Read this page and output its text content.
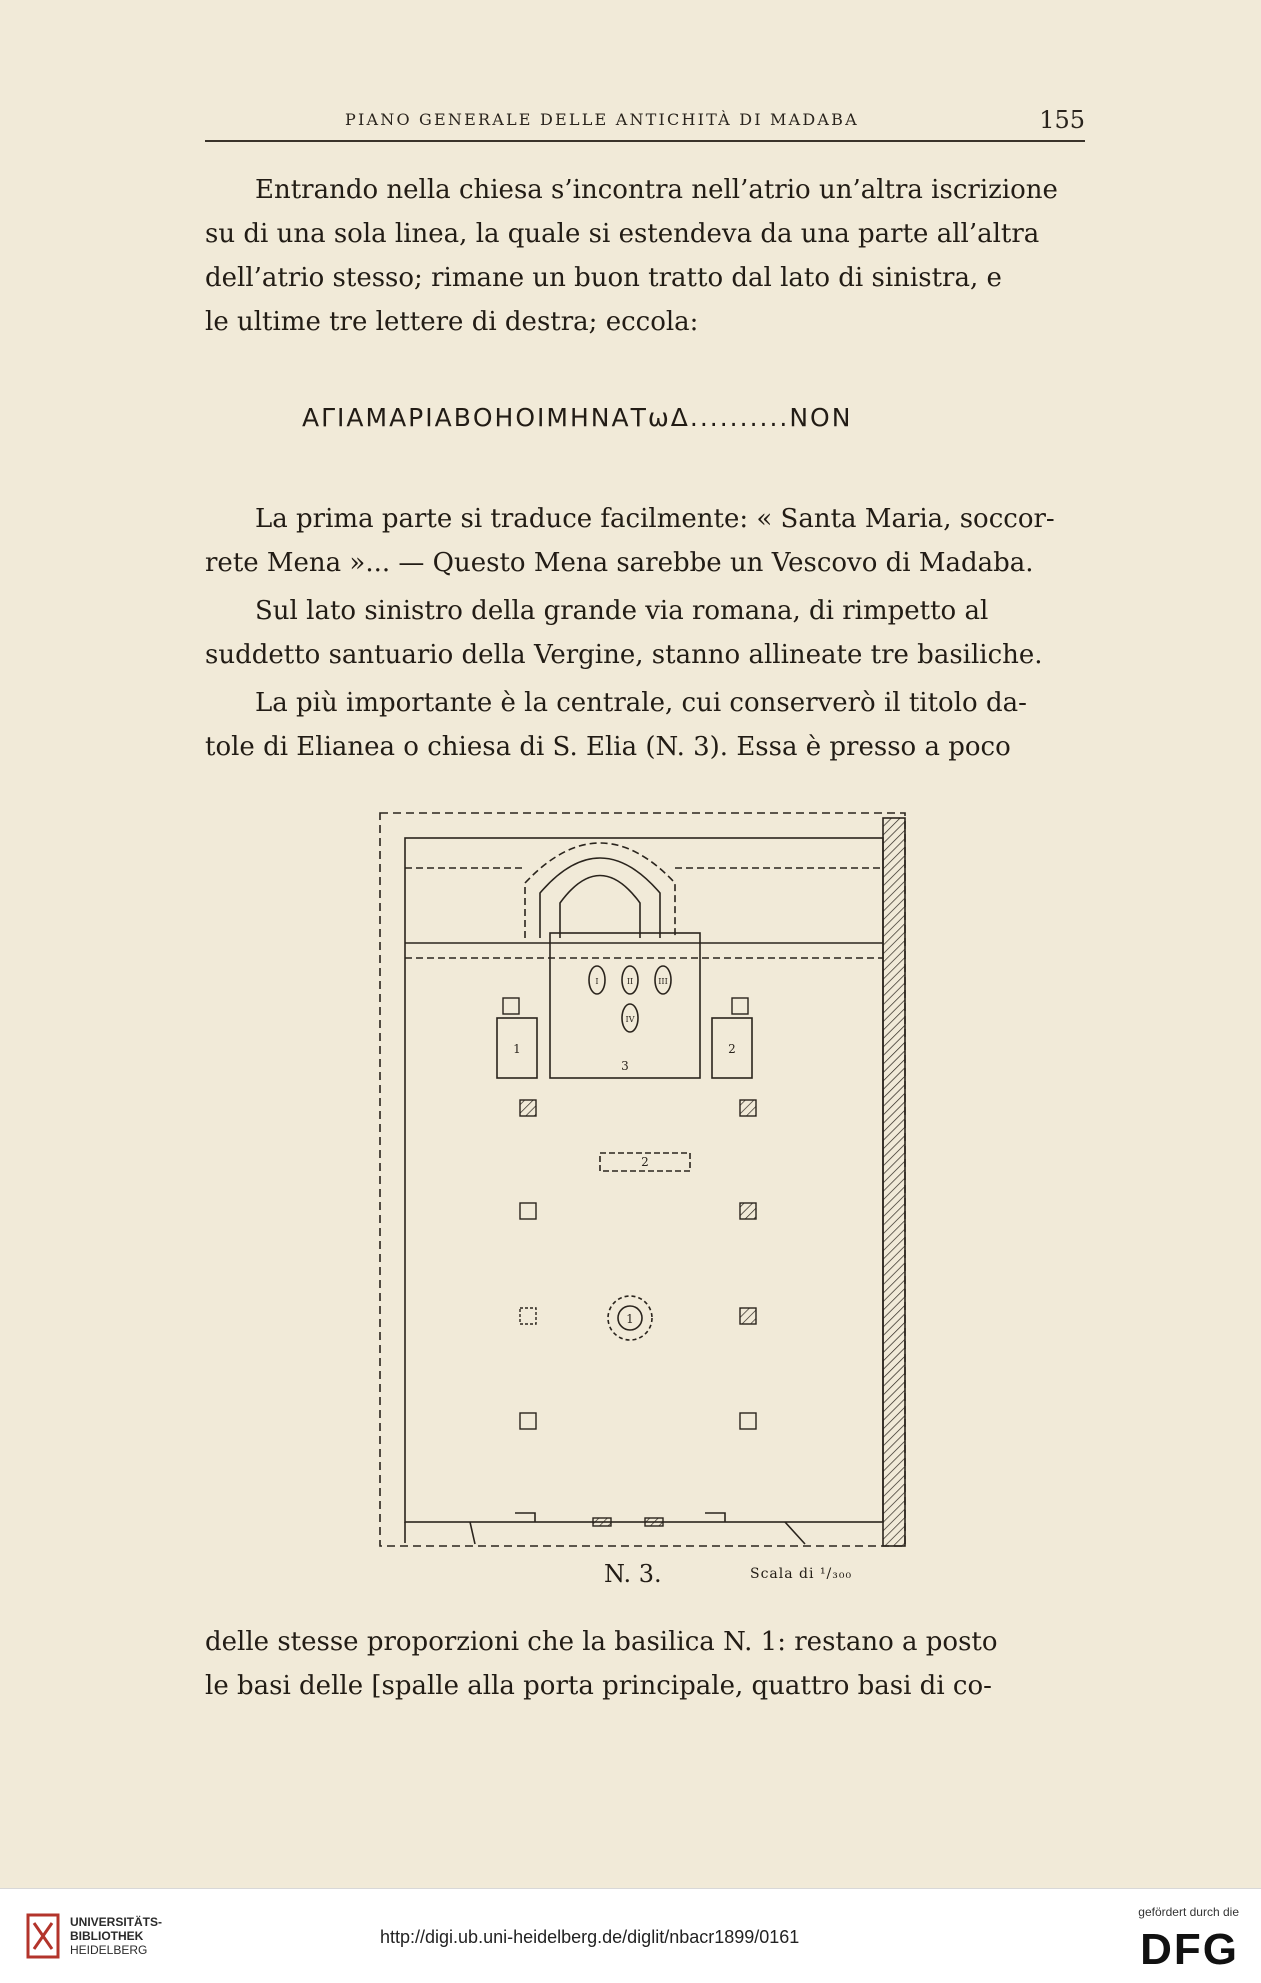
PIANO GENERALE DELLE ANTICHITÀ DI MADABA	155

Entrando nella chiesa s’incontra nell’atrio un’altra iscrizione
su di una sola linea, la quale si estendeva da una parte all’altra
dell’atrio stesso; rimane un buon tratto dal lato di sinistra, e
le ultime tre lettere di destra; eccola:

ΑΓΙΑΜΑΡΙΑΒΟΗΟΙΜΗΝΑΤωΔ..........ΝΟΝ

La prima parte si traduce facilmente: « Santa Maria, soccor-
rete Mena »... — Questo Mena sarebbe un Vescovo di Madaba.

Sul lato sinistro della grande via romana, di rimpetto al
suddetto santuario della Vergine, stanno allineate tre basiliche.

La più importante è la centrale, cui conserverò il titolo da-
tole di Elianea o chiesa di S. Elia (N. 3). Essa è presso a poco

1	2
3
2
1
I	II	III
IV
N. 3.	Scala di ¹/₃₀₀

delle stesse proporzioni che la basilica N. 1: restano a posto
le basi delle [spalle alla porta principale, quattro basi di co-

UNIVERSITÄTS-
BIBLIOTHEK
HEIDELBERG
http://digi.ub.uni-heidelberg.de/diglit/nbacr1899/0161
gefördert durch die
DFG
